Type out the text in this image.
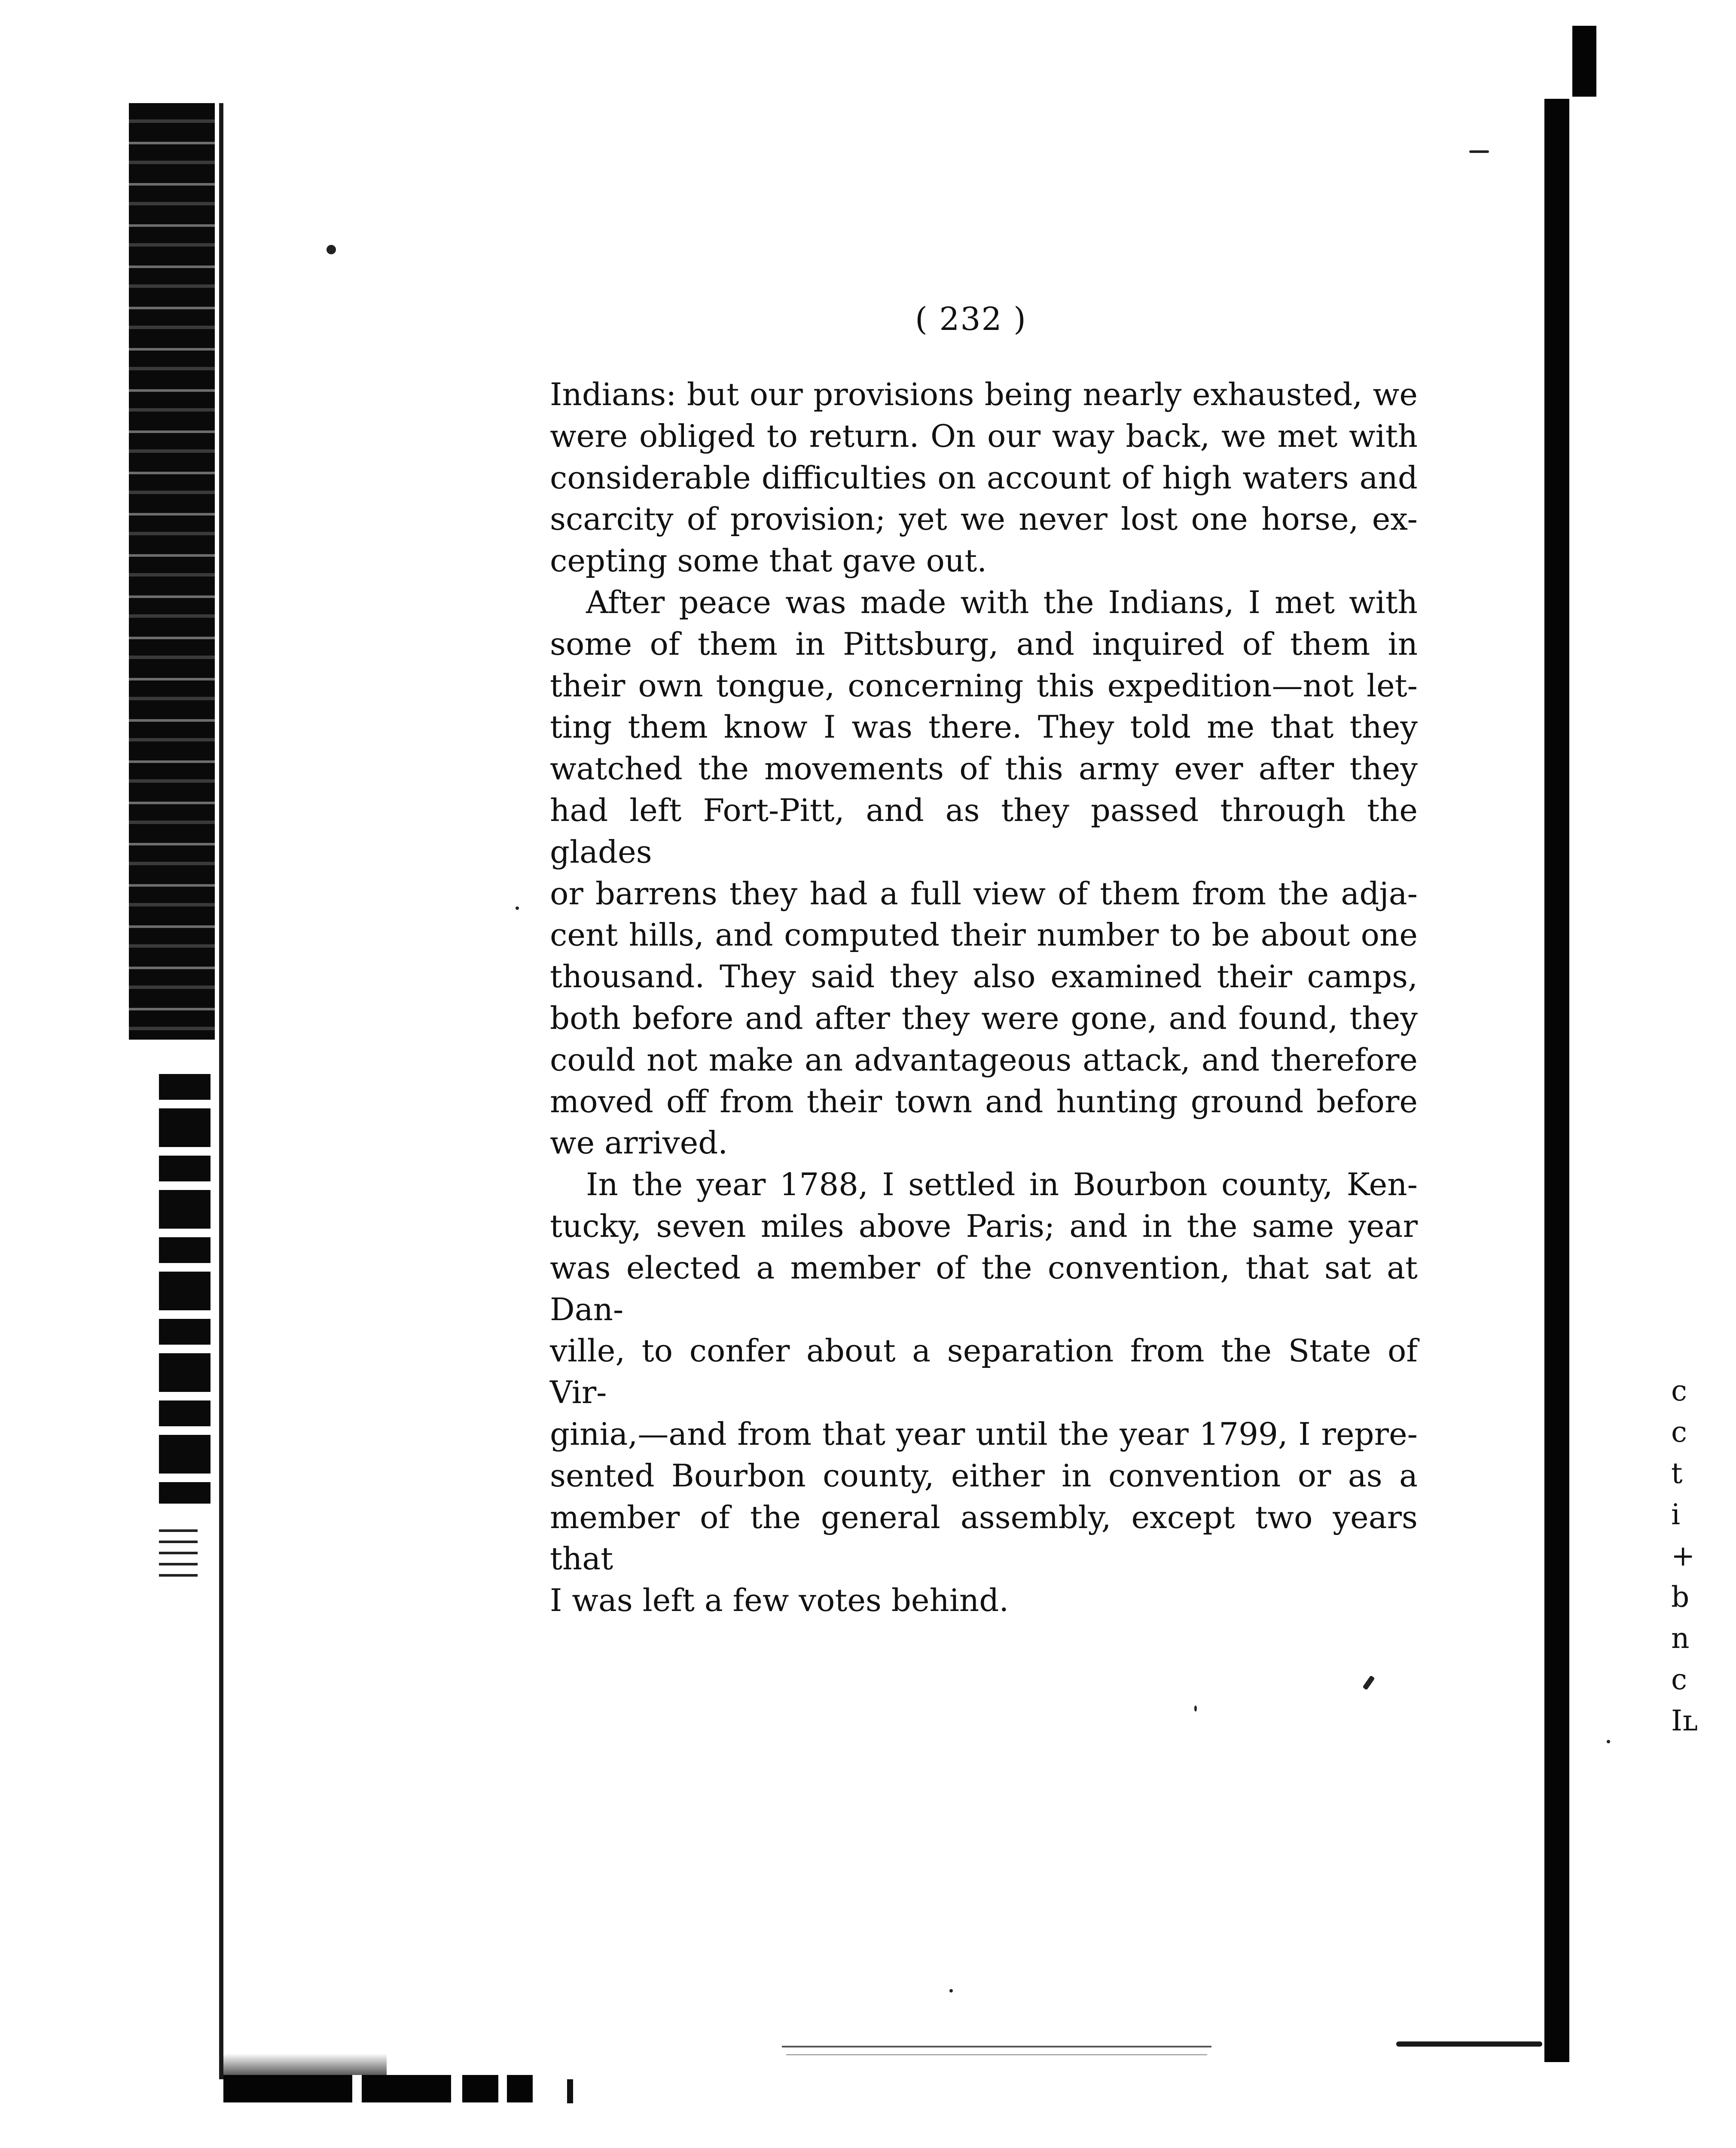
( 232 )
Indians: but our provisions being nearly exhausted, we
were obliged to return. On our way back, we met with
considerable difficulties on account of high waters and
scarcity of provision; yet we never lost one horse, ex-
cepting some that gave out.
After peace was made with the Indians, I met with
some of them in Pittsburg, and inquired of them in
their own tongue, concerning this expedition—not let-
ting them know I was there. They told me that they
watched the movements of this army ever after they
had left Fort-Pitt, and as they passed through the glades
or barrens they had a full view of them from the adja-
cent hills, and computed their number to be about one
thousand. They said they also examined their camps,
both before and after they were gone, and found, they
could not make an advantageous attack, and therefore
moved off from their town and hunting ground before
we arrived.
In the year 1788, I settled in Bourbon county, Ken-
tucky, seven miles above Paris; and in the same year
was elected a member of the convention, that sat at Dan-
ville, to confer about a separation from the State of Vir-
ginia,—and from that year until the year 1799, I repre-
sented Bourbon county, either in convention or as a
member of the general assembly, except two years that
I was left a few votes behind.
c
c
t
i
+
b
n
c
Iʟ
